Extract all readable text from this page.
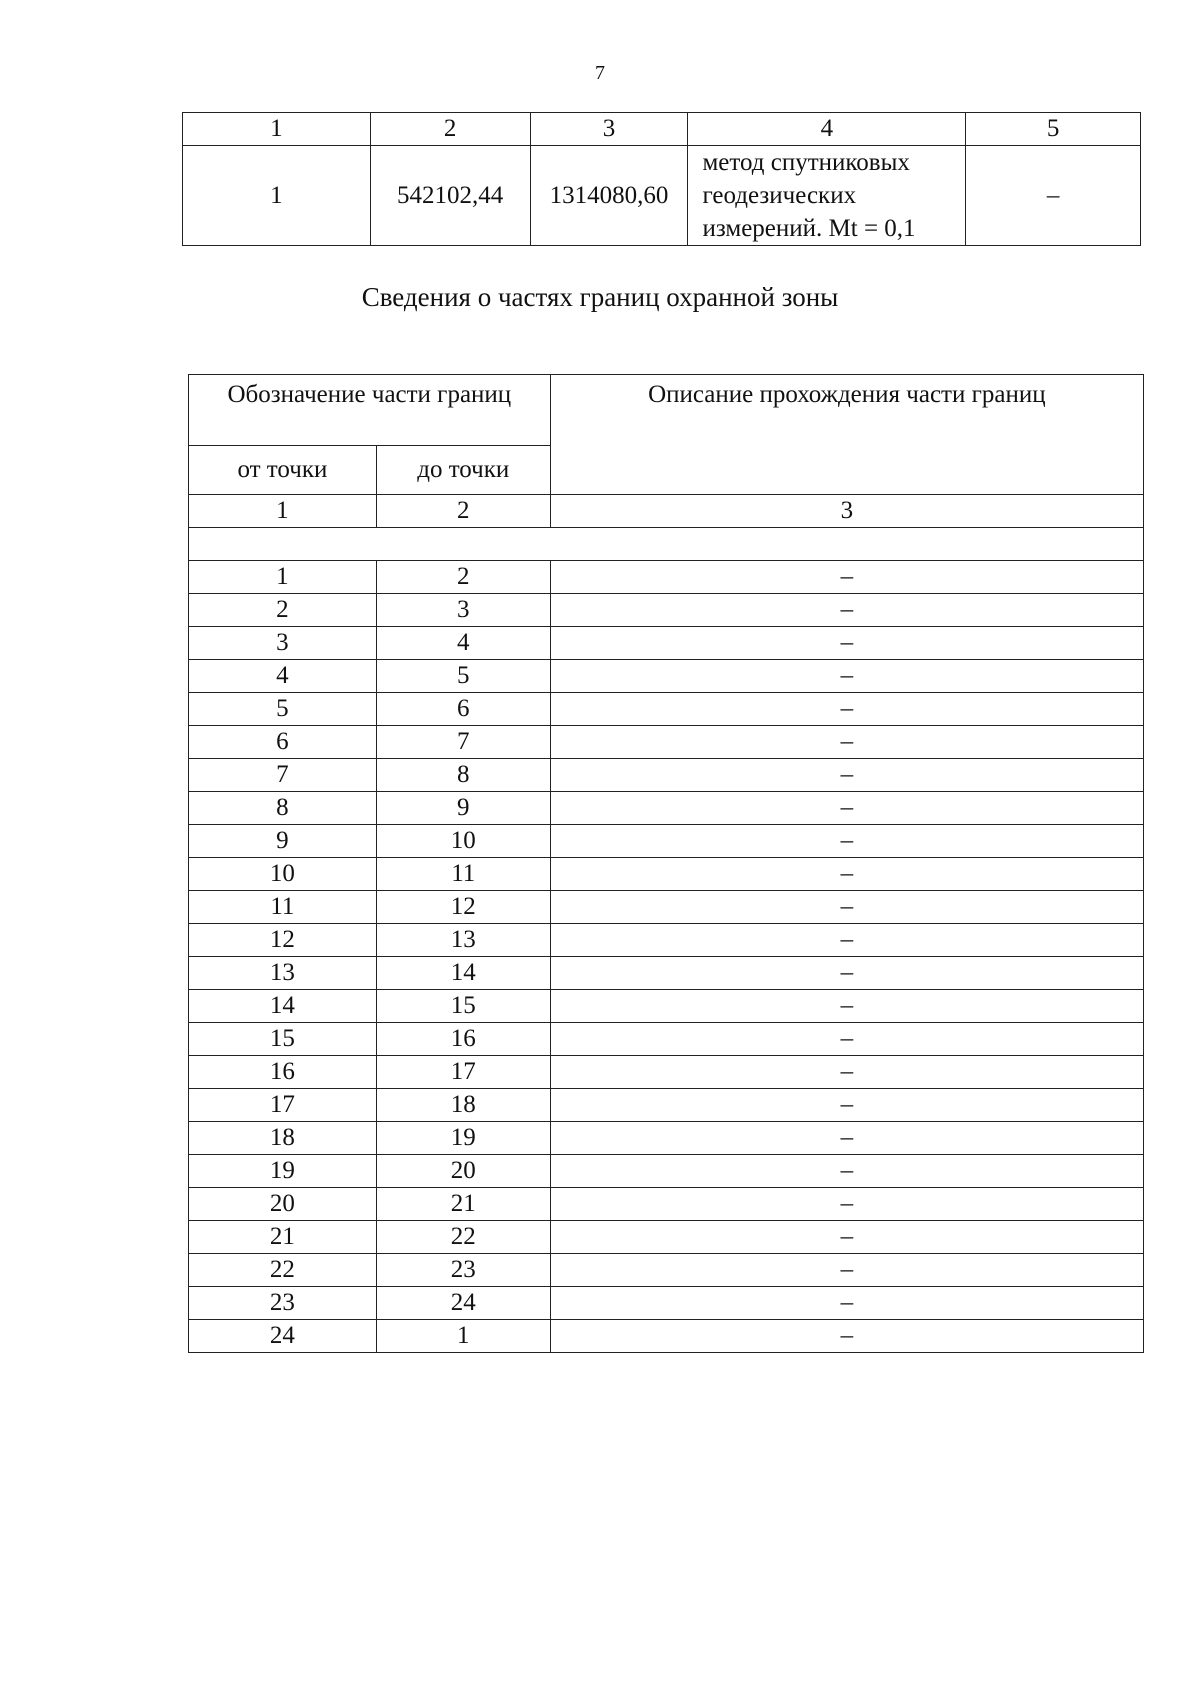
7
1	2	3	4	5
1	542102,44	1314080,60	метод спутниковых
геодезических
измерений. Mt = 0,1	–
Сведения о частях границ охранной зоны
Обозначение части границ		Описание прохождения части границ
от точки	до точки	
1	2	3

1	2	–
2	3	–
3	4	–
4	5	–
5	6	–
6	7	–
7	8	–
8	9	–
9	10	–
10	11	–
11	12	–
12	13	–
13	14	–
14	15	–
15	16	–
16	17	–
17	18	–
18	19	–
19	20	–
20	21	–
21	22	–
22	23	–
23	24	–
24	1	–
